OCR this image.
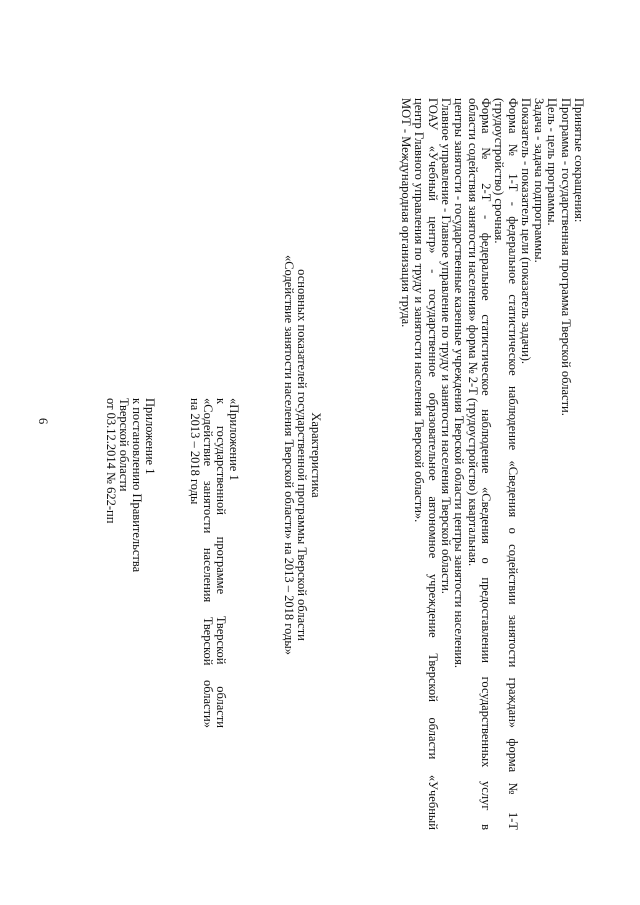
6	Приложение 1
к постановлению Правительства
Тверской области
от 03.12.2014 № 622-пп	«Приложение 1
к государственной программе Тверской области
«Содействие занятости населения Тверской области»
на 2013 – 2018 годы	Характеристика
основных показателей государственной программы Тверской области
«Содействие занятости населения Тверской области» на 2013 – 2018 годы»
Принятые сокращения:
Программа - государственная программа Тверской области.
Цель - цель программы.
Задача - задача подпрограммы.
Показатель - показатель цели (показатель задачи).
Форма № 1-Т - федеральное статистическое наблюдение «Сведения о содействии занятости граждан» форма № 1-Т
(трудоустройство) срочная.
Форма № 2-Т - федеральное статистическое наблюдение «Сведения о предоставлении государственных услуг в
области содействия занятости населения» форма № 2-Т (трудоустройство) квартальная.
центры занятости - государственные казенные учреждения Тверской области центры занятости населения.
Главное управление - Главное управление по труду и занятости населения Тверской области.
ГОАУ «Учебный центр» - государственное образовательное автономное учреждение Тверской области «Учебный
центр Главного управления по труду и занятости населения Тверской области».
МОТ - Международная организация труда.
